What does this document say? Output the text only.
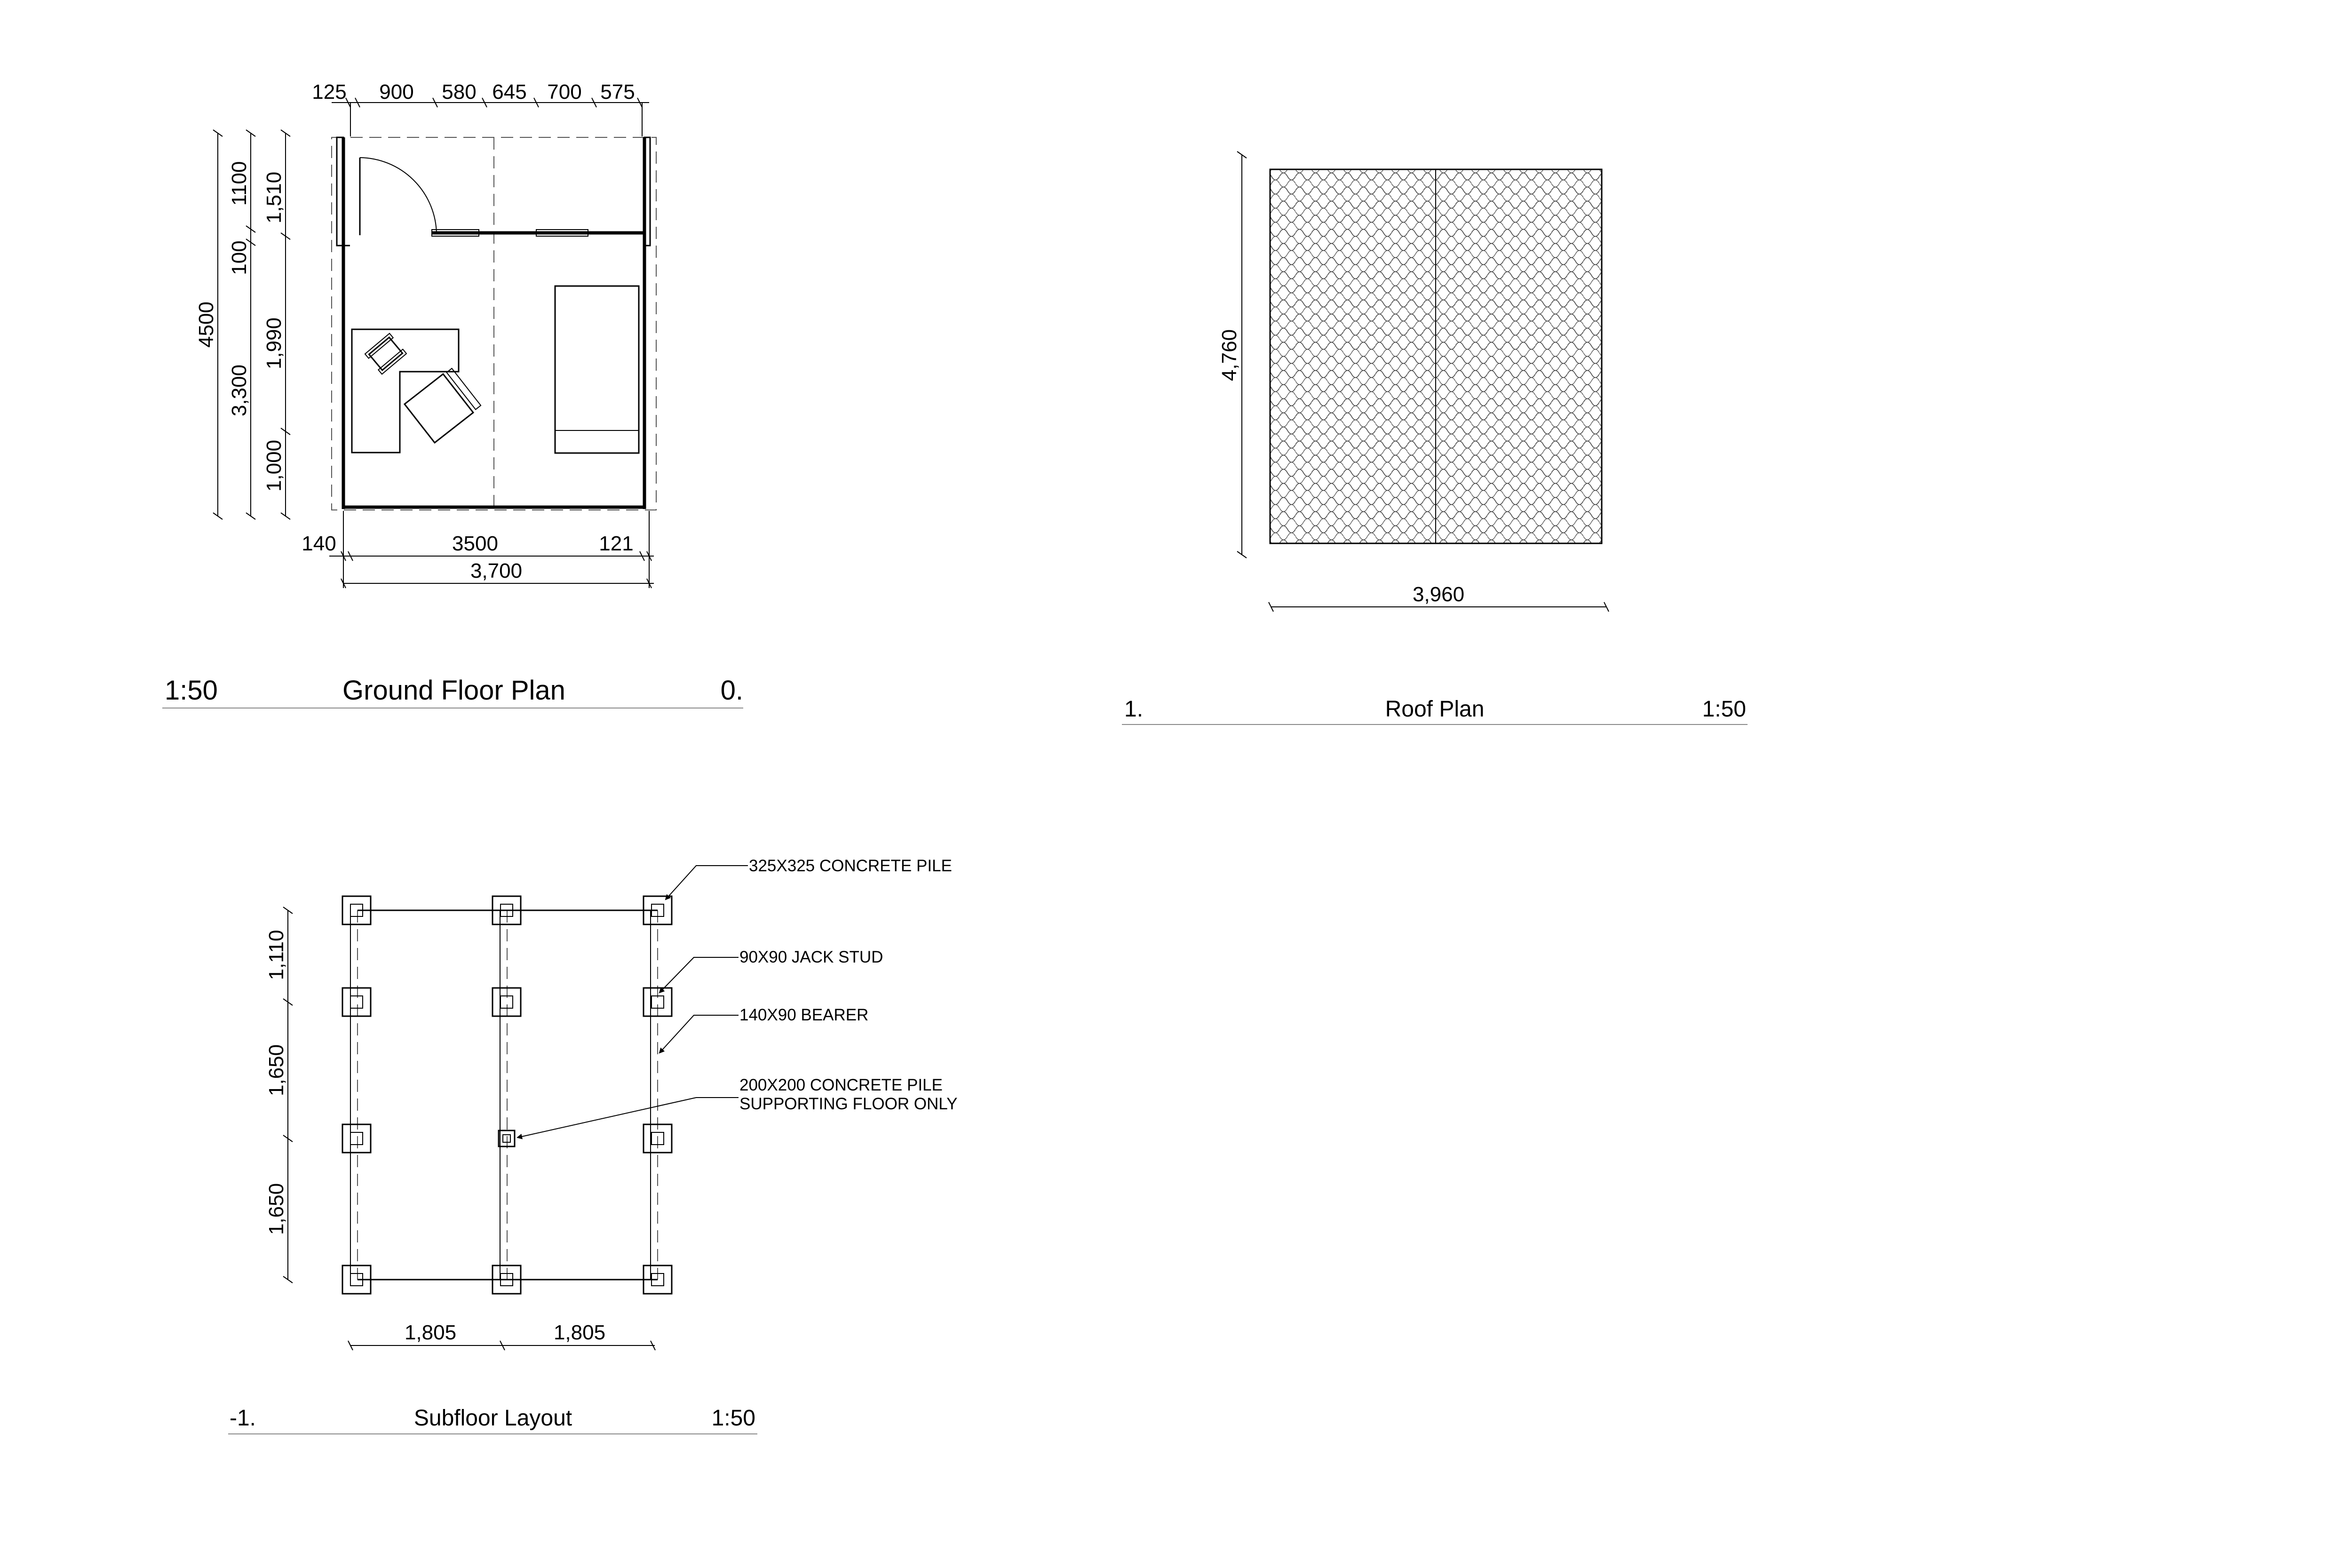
125 900 580 645 700 575
4500
1100
100
3,300
1,510
1,990
1,000
140	3500	121
3,700
1:50	Ground Floor Plan	0.
4,760
3,960
1.	Roof Plan	1:50
325X325 CONCRETE PILE
90X90 JACK STUD
140X90 BEARER
200X200 CONCRETE PILE
SUPPORTING FLOOR ONLY
1,110
1,650
1,650
1,805	1,805
-1.	Subfloor Layout	1:50
